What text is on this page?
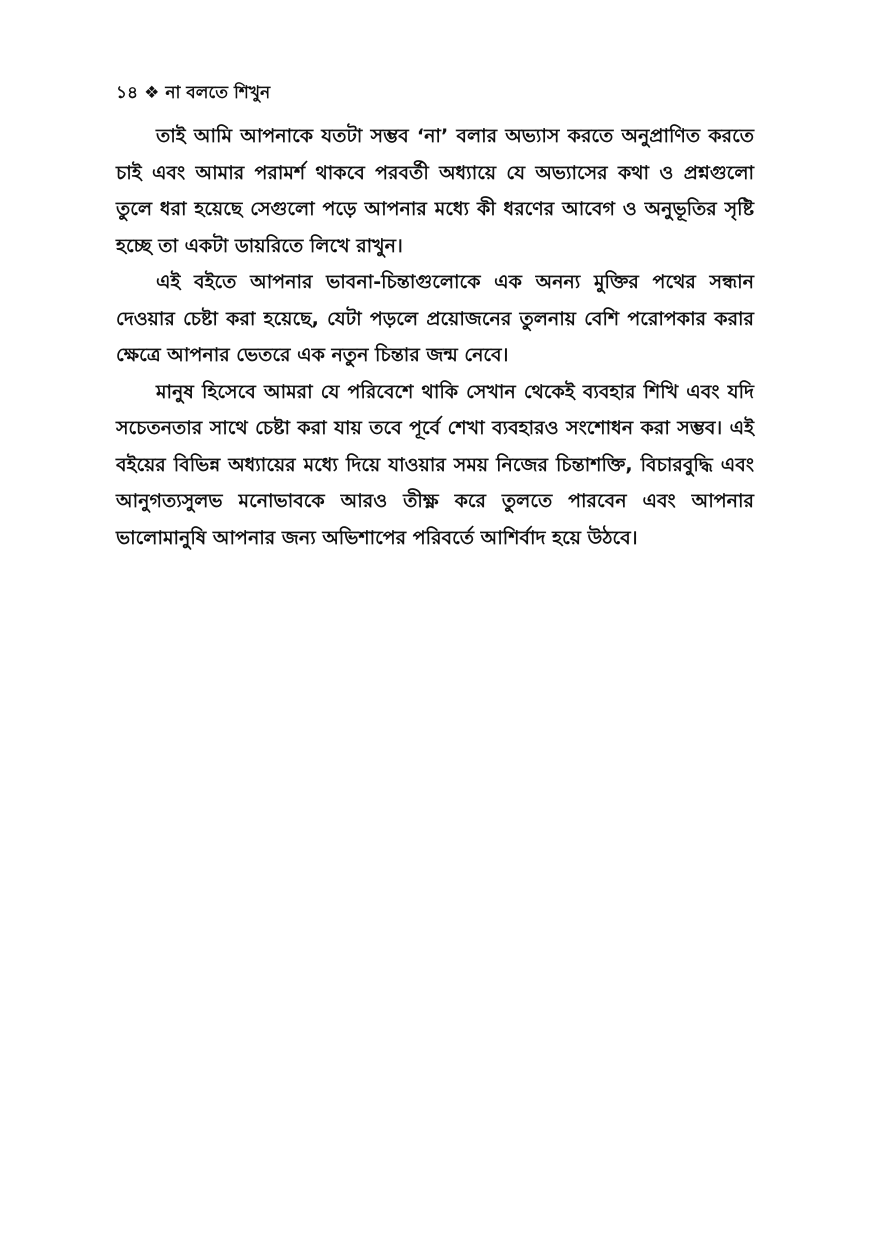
১৪ ❖ না বলতে শিখুন

তাই আমি আপনাকে যতটা সম্ভব ‘না’ বলার অভ্যাস করতে অনুপ্রাণিত করতে চাই এবং আমার পরামর্শ থাকবে পরবর্তী অধ্যায়ে যে অভ্যাসের কথা ও প্রশ্নগুলো তুলে ধরা হয়েছে সেগুলো পড়ে আপনার মধ্যে কী ধরণের আবেগ ও অনুভূতির সৃষ্টি হচ্ছে তা একটা ডায়রিতে লিখে রাখুন।

এই বইতে আপনার ভাবনা-চিন্তাগুলোকে এক অনন্য মুক্তির পথের সন্ধান দেওয়ার চেষ্টা করা হয়েছে, যেটা পড়লে প্রয়োজনের তুলনায় বেশি পরোপকার করার ক্ষেত্রে আপনার ভেতরে এক নতুন চিন্তার জন্ম নেবে।

মানুষ হিসেবে আমরা যে পরিবেশে থাকি সেখান থেকেই ব্যবহার শিখি এবং যদি সচেতনতার সাথে চেষ্টা করা যায় তবে পূর্বে শেখা ব্যবহারও সংশোধন করা সম্ভব। এই বইয়ের বিভিন্ন অধ্যায়ের মধ্যে দিয়ে যাওয়ার সময় নিজের চিন্তাশক্তি, বিচারবুদ্ধি এবং আনুগত্যসুলভ মনোভাবকে আরও তীক্ষ্ণ করে তুলতে পারবেন এবং আপনার ভালোমানুষি আপনার জন্য অভিশাপের পরিবর্তে আশির্বাদ হয়ে উঠবে।
